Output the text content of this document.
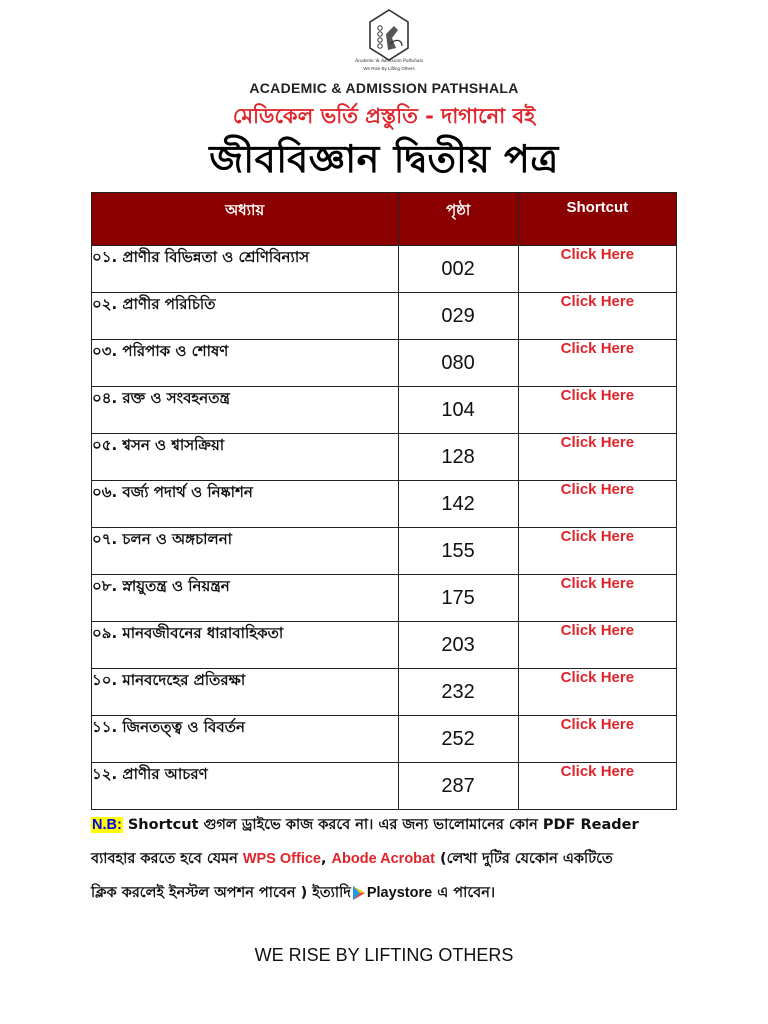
Academic & Admission Pathshala
We Rise By Lifting Others
ACADEMIC & ADMISSION PATHSHALA
মেডিকেল ভর্তি প্রস্তুতি - দাগানো বই
জীববিজ্ঞান দ্বিতীয় পত্র
অধ্যায়	পৃষ্ঠা	Shortcut
০১. প্রাণীর বিভিন্নতা ও শ্রেণিবিন্যাস	002	Click Here
০২. প্রাণীর পরিচিতি	029	Click Here
০৩. পরিপাক ও শোষণ	080	Click Here
০৪. রক্ত ও সংবহনতন্ত্র	104	Click Here
০৫. শ্বসন ও শ্বাসক্রিয়া	128	Click Here
০৬. বর্জ্য পদার্থ ও নিষ্কাশন	142	Click Here
০৭. চলন ও অঙ্গচালনা	155	Click Here
০৮. স্নায়ুতন্ত্র ও নিয়ন্ত্রন	175	Click Here
০৯. মানবজীবনের ধারাবাহিকতা	203	Click Here
১০. মানবদেহের প্রতিরক্ষা	232	Click Here
১১. জিনতত্ত্ব ও বিবর্তন	252	Click Here
১২. প্রাণীর আচরণ	287	Click Here
N.B: Shortcut গুগল ড্রাইভে কাজ করবে না। এর জন্য ভালোমানের কোন PDF Reader
ব্যাবহার করতে হবে যেমন WPS Office, Abode Acrobat (লেখা দুটির যেকোন একটিতে
ক্লিক করলেই ইনস্টল অপশন পাবেন ) ইত্যাদি Playstore এ পাবেন।
WE RISE BY LIFTING OTHERS
